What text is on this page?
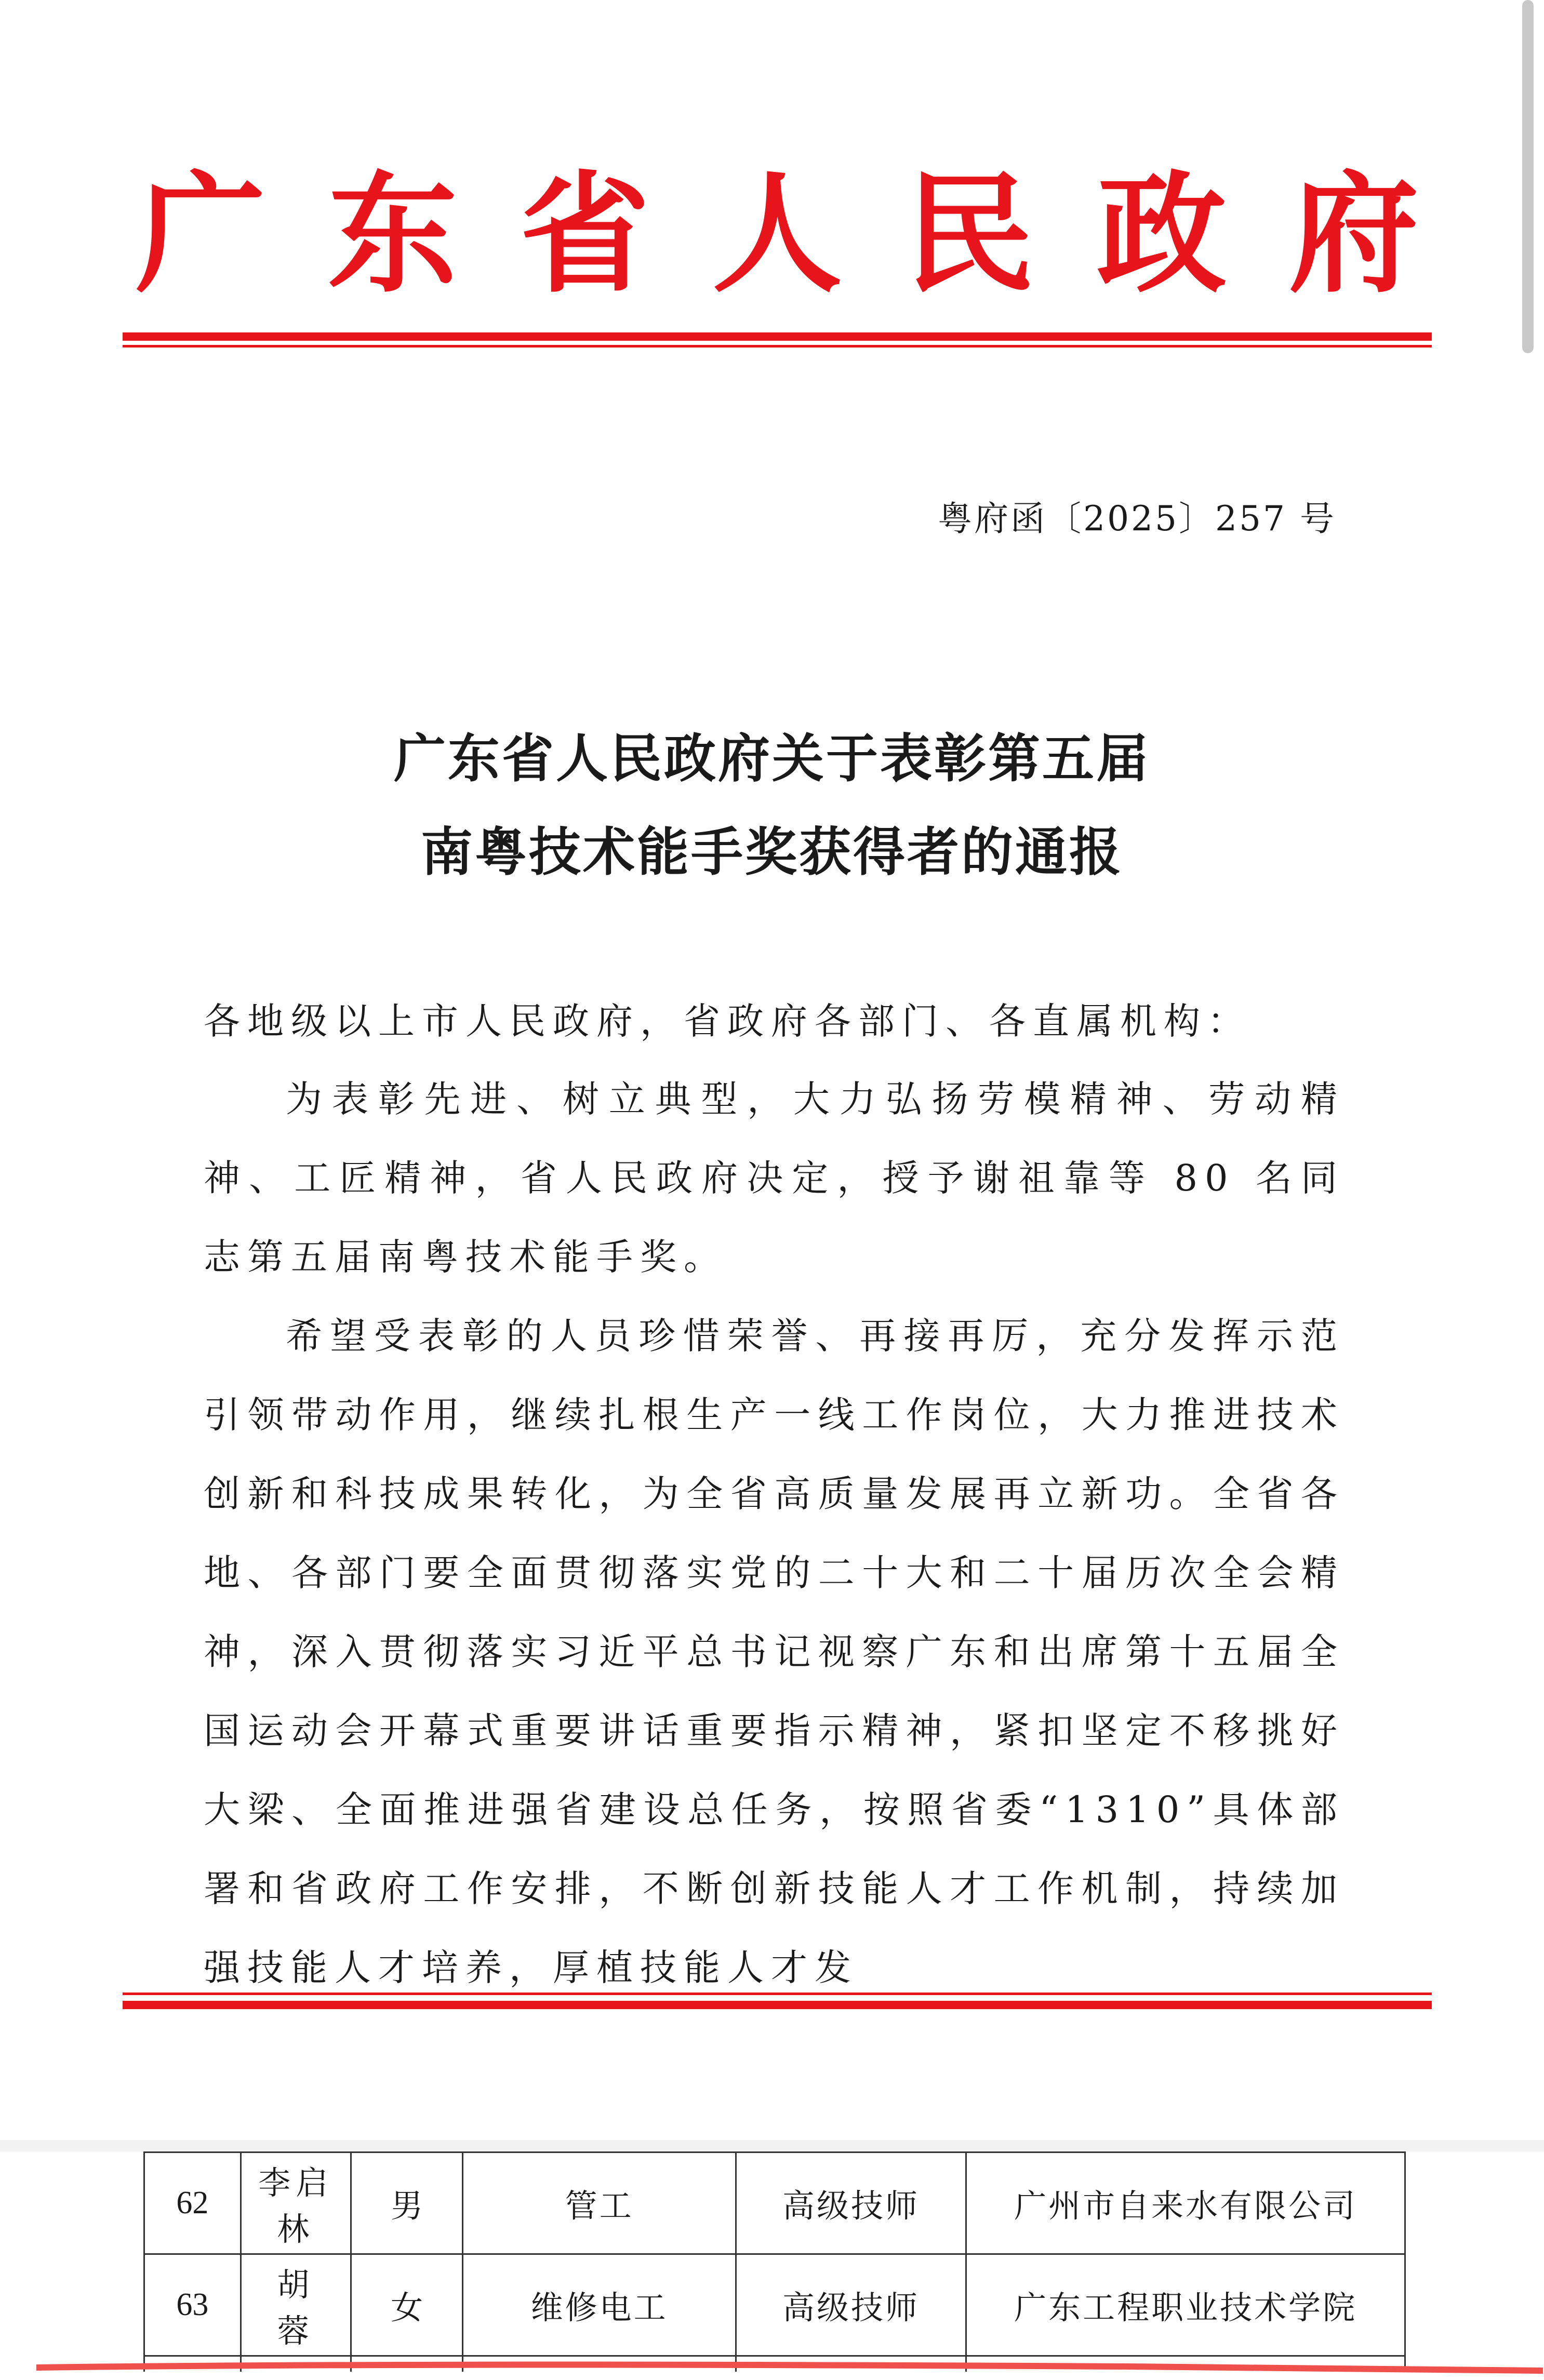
广 东 省 人 民 政 府
粤府函〔2025〕257 号
广东省人民政府关于表彰第五届
南粤技术能手奖获得者的通报
各地级以上市人民政府，省政府各部门、各直属机构：
为表彰先进、树立典型，大力弘扬劳模精神、劳动精神、工匠精神，省人民政府决定，授予谢祖靠等 80 名同志第五届南粤技术能手奖。
希望受表彰的人员珍惜荣誉、再接再厉，充分发挥示范引领带动作用，继续扎根生产一线工作岗位，大力推进技术创新和科技成果转化，为全省高质量发展再立新功。全省各地、各部门要全面贯彻落实党的二十大和二十届历次全会精神，深入贯彻落实习近平总书记视察广东和出席第十五届全国运动会开幕式重要讲话重要指示精神，紧扣坚定不移挑好大梁、全面推进强省建设总任务，按照省委“1310”具体部署和省政府工作安排，不断创新技能人才工作机制，持续加强技能人才培养，厚植技能人才发

62	李启林	男	管工	高级技师	广州市自来水有限公司
63	胡　蓉	女	维修电工	高级技师	广东工程职业技术学院
